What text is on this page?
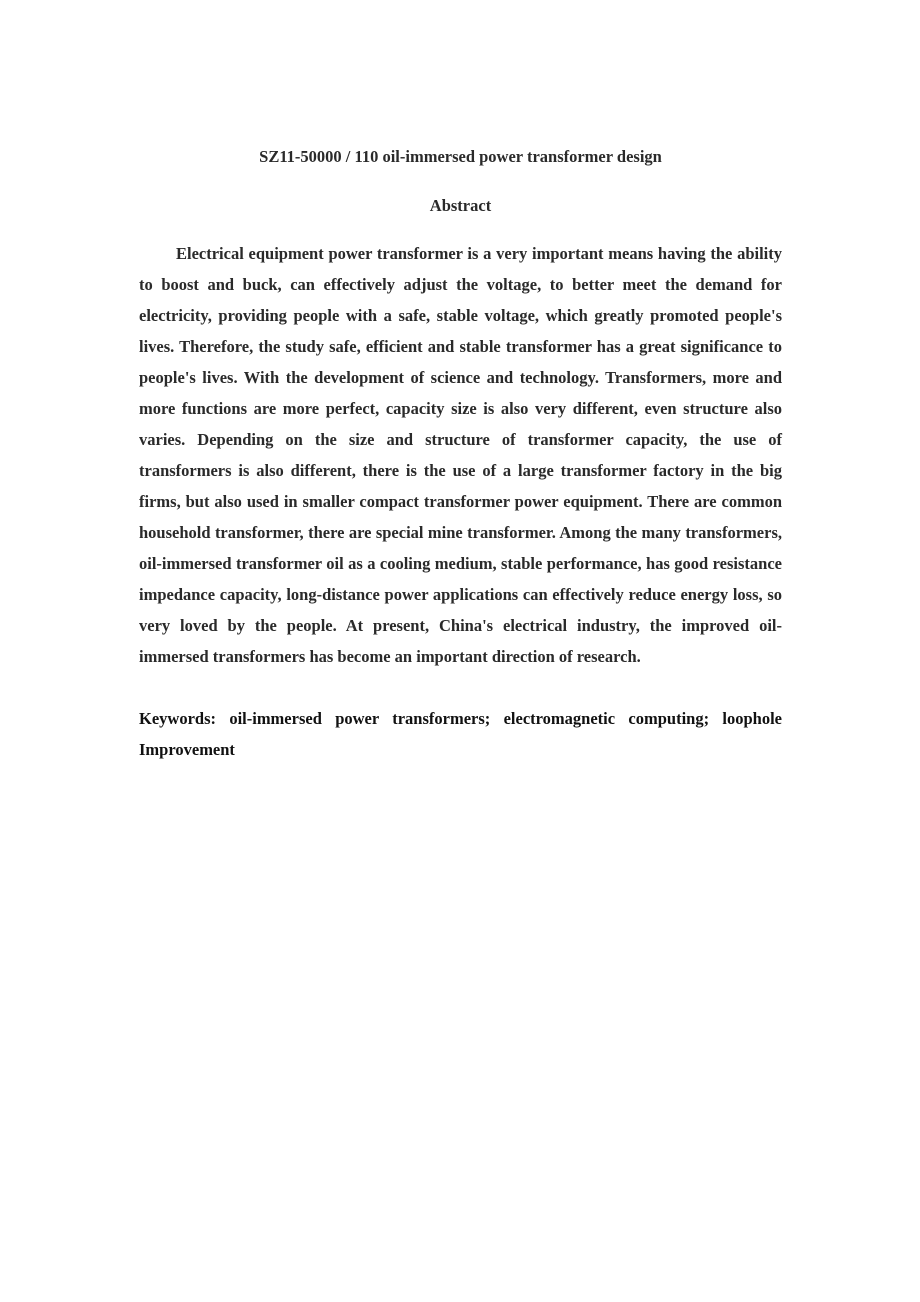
SZ11-50000 / 110 oil-immersed power transformer design

Abstract

Electrical equipment power transformer is a very important means having the ability to boost and buck, can effectively adjust the voltage, to better meet the demand for electricity, providing people with a safe, stable voltage, which greatly promoted people's lives. Therefore, the study safe, efficient and stable transformer has a great significance to people's lives. With the development of science and technology. Transformers, more and more functions are more perfect, capacity size is also very different, even structure also varies. Depending on the size and structure of transformer capacity, the use of transformers is also different, there is the use of a large transformer factory in the big firms, but also used in smaller compact transformer power equipment. There are common household transformer, there are special mine transformer. Among the many transformers, oil-immersed transformer oil as a cooling medium, stable performance, has good resistance impedance capacity, long-distance power applications can effectively reduce energy loss, so very loved by the people. At present, China's electrical industry, the improved oil-immersed transformers has become an important direction of research.

Keywords: oil-immersed power transformers; electromagnetic computing; loophole Improvement
